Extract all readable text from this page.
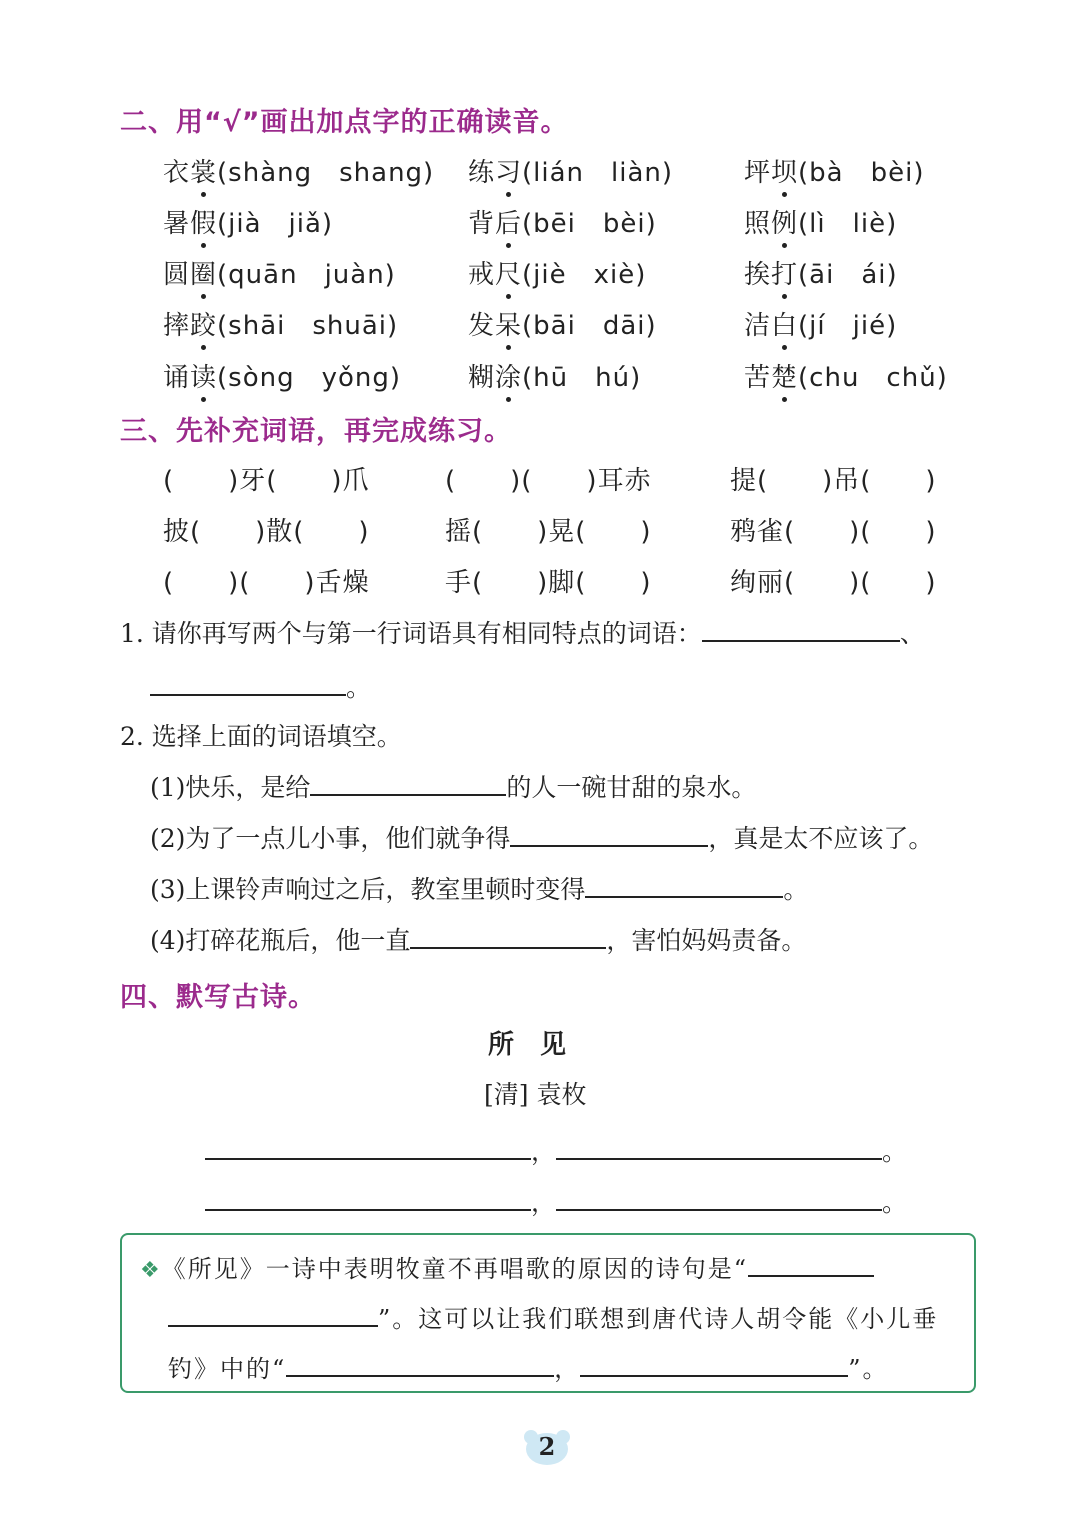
二、用“√”画出加点字的正确读音。
衣裳(shàng　shang) 练习(lián　liàn)	坪坝(bà　bèi)
暑假(jià　jiǎ)	背后(bēi　bèi)	照例(lì　liè)
圆圈(quān　juàn)	戒尺(jiè　xiè)	挨打(āi　ái)
摔跤(shāi　shuāi)	发呆(bāi　dāi)	洁白(jí　jié)
诵读(sòng　yǒng)	糊涂(hū　hú)	苦楚(chu　chǔ)
三、先补充词语，再完成练习。
(　　)牙(　　)爪	(　　)(　　)耳赤	提(　　)吊(　　)
披(　　)散(　　)	摇(　　)晃(　　)	鸦雀(　　)(　　)
(　　)(　　)舌燥	手(　　)脚(　　)	绚丽(　　)(　　)
1. 请你再写两个与第一行词语具有相同特点的词语：	、
。
2. 选择上面的词语填空。
(1)快乐，是给	的人一碗甘甜的泉水。
(2)为了一点儿小事，他们就争得	，真是太不应该了。
(3)上课铃声响过之后，教室里顿时变得	。
(4)打碎花瓶后，他一直	，害怕妈妈责备。
四、默写古诗。
所　见
[清] 袁枚
，	。
，	。
❖《所见》一诗中表明牧童不再唱歌的原因的诗句是“
”。这可以让我们联想到唐代诗人胡令能《小儿垂
钓》中的“	，	”。
2
